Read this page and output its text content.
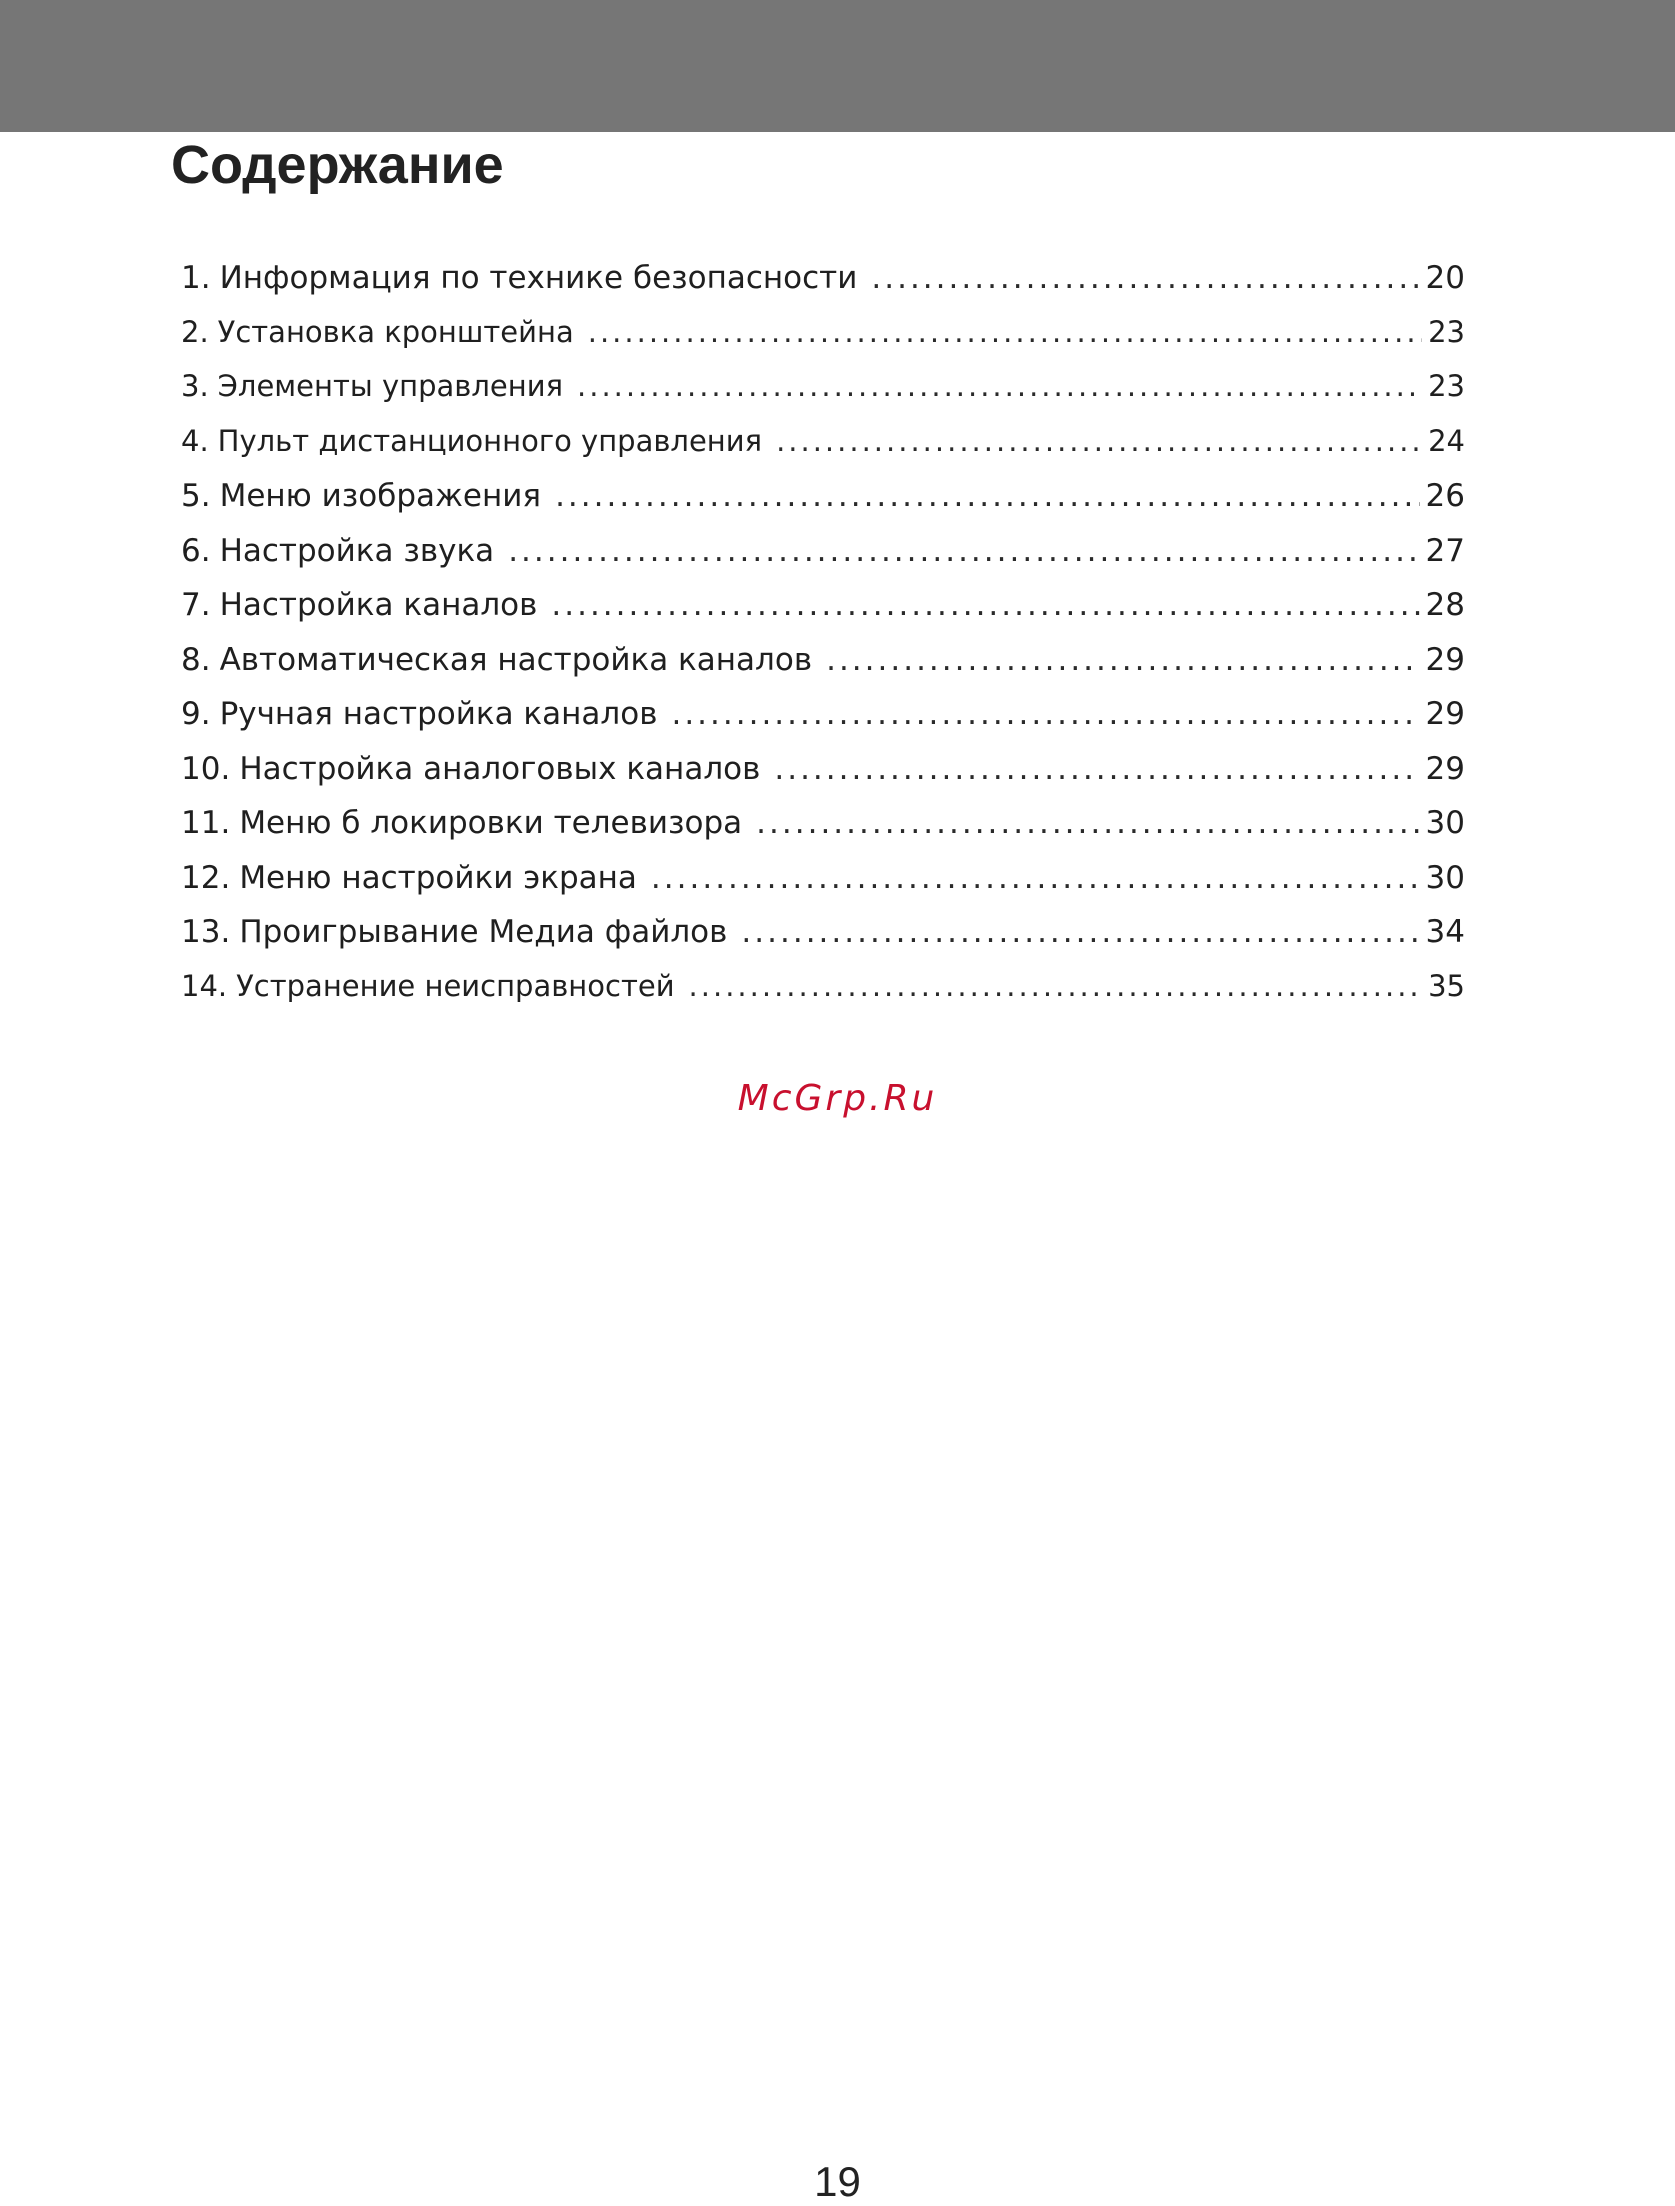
Содержание
1. Информация по технике безопасности .....	20
2. Установка кронштейна .....	23
3. Элементы управления .....	23
4. Пульт дистанционного управления .....	24
5. Меню изображения .....	26
6. Настройка звука .....	27
7. Настройка каналов .....	28
8. Автоматическая настройка каналов .....	29
9. Ручная настройка каналов .....	29
10. Настройка аналоговых каналов .....	29
11. Меню б локировки телевизора .....	30
12. Меню настройки экрана .....	30
13. Проигрывание Медиа файлов .....	34
14. Устранение неисправностей .....	35
McGrp.Ru
19
